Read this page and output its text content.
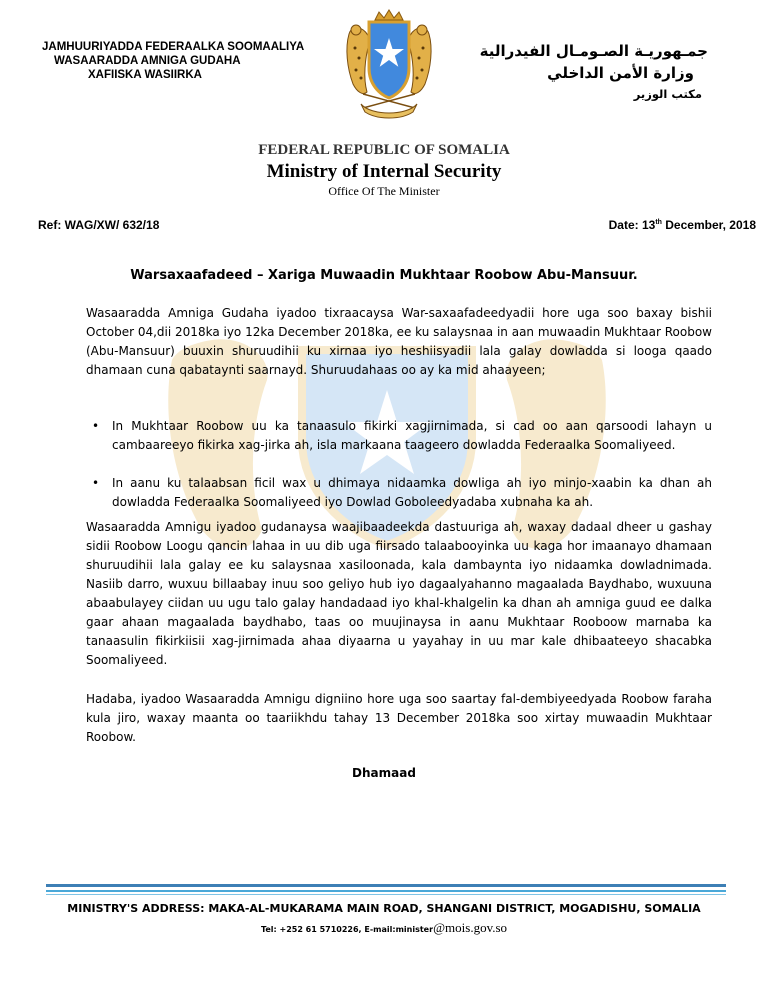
JAMHUURIYADDA FEDERAALKA SOOMAALIYA
WASAARADDA AMNIGA GUDAHA
XAFIISKA WASIIRKA
جمـهوريـة الصـومـال الفيدرالية
وزارة الأمن الداخلي
مكتب الوزير
FEDERAL REPUBLIC OF SOMALIA
Ministry of Internal Security
Office Of The Minister
Ref: WAG/XW/ 632/18	Date: 13th December, 2018
Warsaxaafadeed – Xariga Muwaadin Mukhtaar Roobow Abu-Mansuur.
Wasaaradda Amniga Gudaha iyadoo tixraacaysa War-saxaafadeedyadii hore uga soo baxay bishii October 04,dii 2018ka iyo 12ka December 2018ka, ee ku salaysnaa in aan muwaadin Mukhtaar Roobow (Abu-Mansuur) buuxin shuruudihii ku xirnaa iyo heshiisyadii lala galay dowladda si looga qaado dhamaan cuna qabataynti saarnayd. Shuruudahaas oo ay ka mid ahaayeen;
• In Mukhtaar Roobow uu ka tanaasulo fikirki xagjirnimada, si cad oo aan qarsoodi lahayn u cambaareeyo fikirka xag-jirka ah, isla markaana taageero dowladda Federaalka Soomaliyeed.
• In aanu ku talaabsan ficil wax u dhimaya nidaamka dowliga ah iyo minjo-xaabin ka dhan ah dowladda Federaalka Soomaliyeed iyo Dowlad Goboleedyadaba xubnaha ka ah.
Wasaaradda Amnigu iyadoo gudanaysa waajibaadeekda dastuuriga ah, waxay dadaal dheer u gashay sidii Roobow Loogu qancin lahaa in uu dib uga fiirsado talaabooyinka uu kaga hor imaanayo dhamaan shuruudihii lala galay ee ku salaysnaa xasiloonada, kala dambaynta iyo nidaamka dowladnimada. Nasiib darro, wuxuu billaabay inuu soo geliyo hub iyo dagaalyahanno magaalada Baydhabo, wuxuuna abaabulayey ciidan uu ugu talo galay handadaad iyo khal-khalgelin ka dhan ah amniga guud ee dalka gaar ahaan magaalada baydhabo, taas oo muujinaysa in aanu Mukhtaar Rooboow marnaba ka tanaasulin fikirkiisii xag-jirnimada ahaa diyaarna u yayahay in uu mar kale dhibaateeyo shacabka Soomaliyeed.
Hadaba, iyadoo Wasaaradda Amnigu digniino hore uga soo saartay fal-dembiyeedyada Roobow faraha kula jiro, waxay maanta oo taariikhdu tahay 13 December 2018ka soo xirtay muwaadin Mukhtaar Roobow.
Dhamaad
MINISTRY'S ADDRESS: MAKA-AL-MUKARAMA MAIN ROAD, SHANGANI DISTRICT, MOGADISHU, SOMALIA
Tel: +252 61 5710226, E-mail:minister@mois.gov.so
